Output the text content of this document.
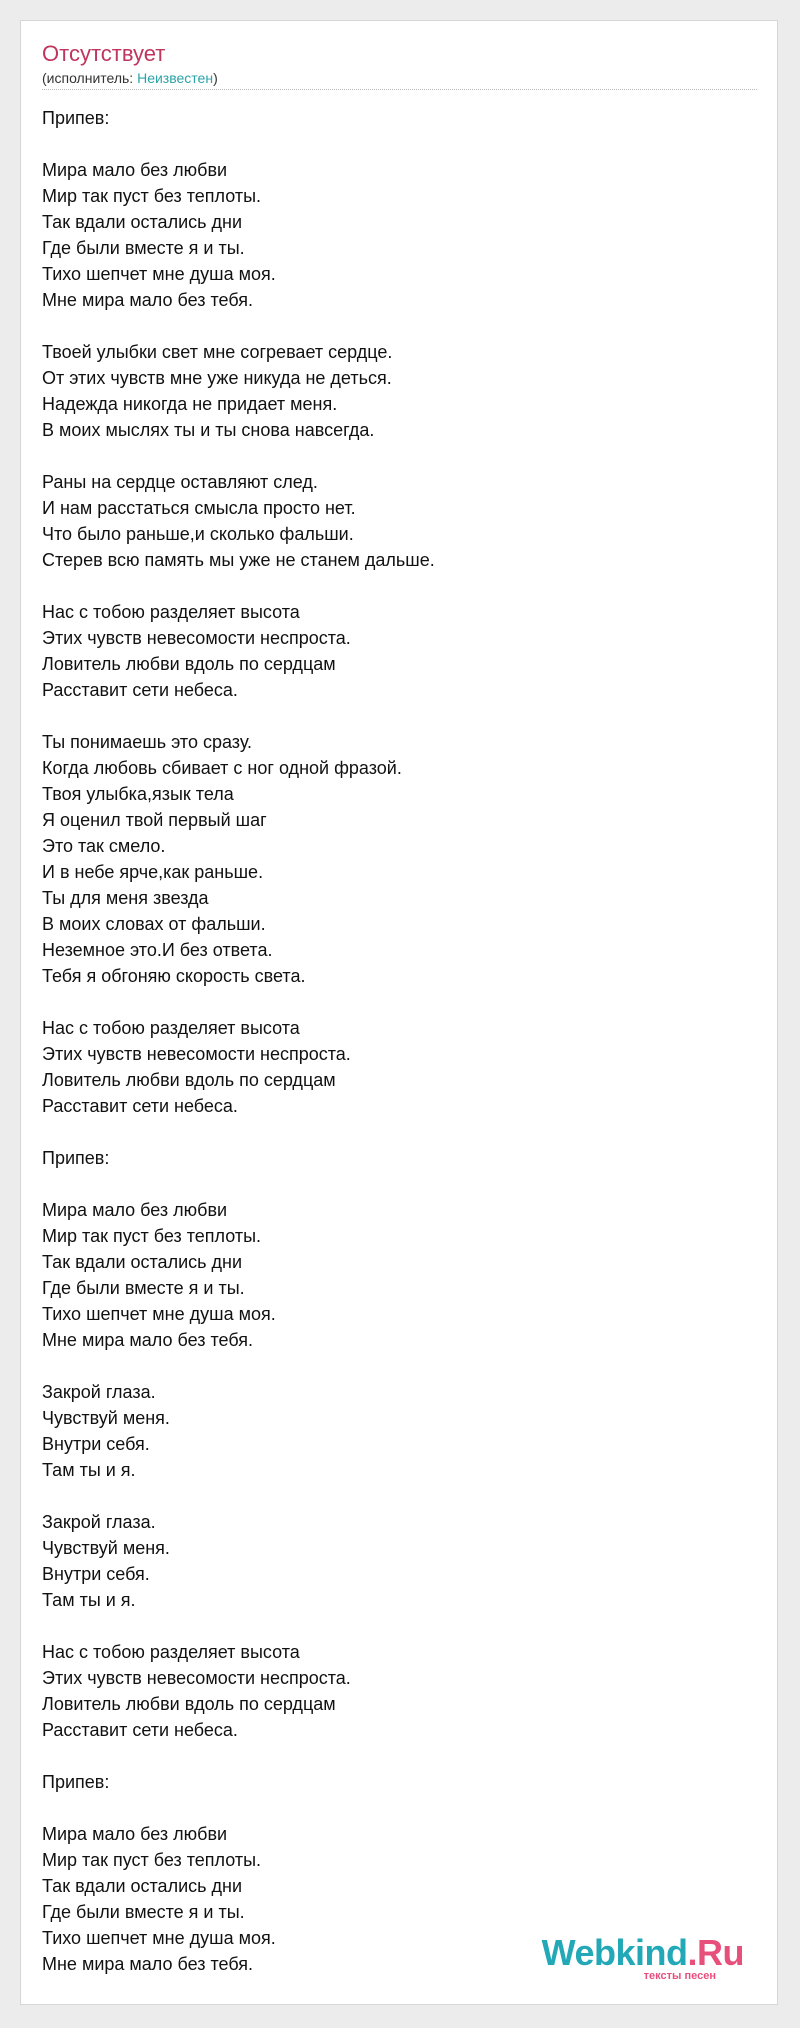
Отсутствует
(исполнитель: Неизвестен)
Припев:
Мира мало без любви
Мир так пуст без теплоты.
Так вдали остались дни
Где были вместе я и ты.
Тихо шепчет мне душа моя.
Мне мира мало без тебя.
Твоей улыбки свет мне согревает сердце.
От этих чувств мне уже никуда не деться.
Надежда никогда не придает меня.
В моих мыслях ты и ты снова навсегда.
Раны на сердце оставляют след.
И нам расстаться смысла просто нет.
Что было раньше,и сколько фальши.
Стерев всю память мы уже не станем дальше.
Нас с тобою разделяет высота
Этих чувств невесомости неспроста.
Ловитель любви вдоль по сердцам
Расставит сети небеса.
Ты понимаешь это сразу.
Когда любовь сбивает с ног одной фразой.
Твоя улыбка,язык тела
Я оценил твой первый шаг
Это так смело.
И в небе ярче,как раньше.
Ты для меня звезда
В моих словах от фальши.
Неземное это.И без ответа.
Тебя я обгоняю скорость света.
Нас с тобою разделяет высота
Этих чувств невесомости неспроста.
Ловитель любви вдоль по сердцам
Расставит сети небеса.
Припев:
Мира мало без любви
Мир так пуст без теплоты.
Так вдали остались дни
Где были вместе я и ты.
Тихо шепчет мне душа моя.
Мне мира мало без тебя.
Закрой глаза.
Чувствуй меня.
Внутри себя.
Там ты и я.
Закрой глаза.
Чувствуй меня.
Внутри себя.
Там ты и я.
Нас с тобою разделяет высота
Этих чувств невесомости неспроста.
Ловитель любви вдоль по сердцам
Расставит сети небеса.
Припев:
Мира мало без любви
Мир так пуст без теплоты.
Так вдали остались дни
Где были вместе я и ты.
Тихо шепчет мне душа моя.
Мне мира мало без тебя.	Webkind.Ru
тексты песен
